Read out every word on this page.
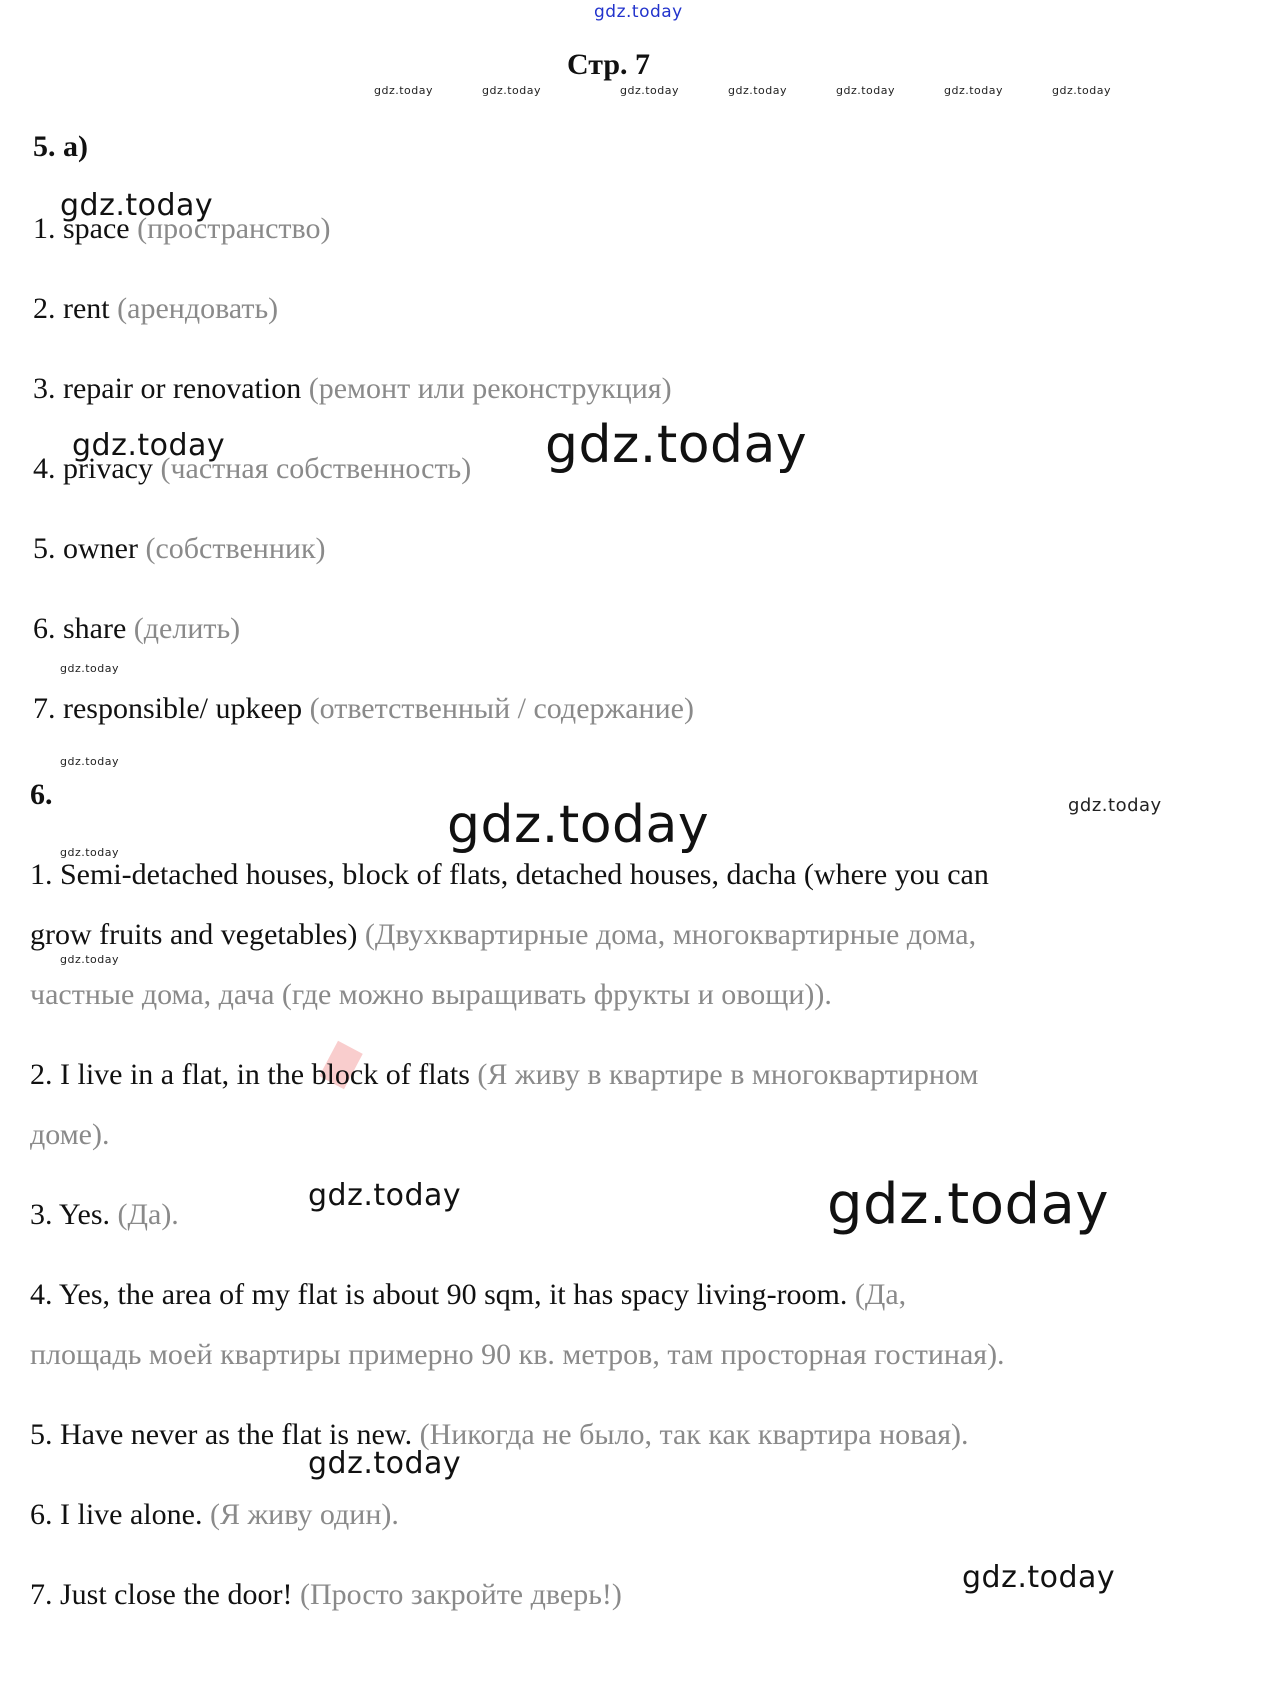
gdz.today
gdz.today	gdz.today	gdz.today	gdz.today	gdz.today	gdz.today	gdz.today
gdz.today
gdz.today	gdz.today
gdz.today
gdz.today
gdz.today
gdz.today
gdz.today
gdz.today
gdz.today	gdz.today
gdz.today
gdz.today
Стр. 7
5. а)
1. space (пространство)
2. rent (арендовать)
3. repair or renovation (ремонт или реконструкция)
4. privacy (частная собственность)
5. owner (собственник)
6. share (делить)
7. responsible/ upkeep (ответственный / содержание)
6.
1. Semi-detached houses, block of flats, detached houses, dacha (where you can
grow fruits and vegetables) (Двухквартирные дома, многоквартирные дома,
частные дома, дача (где можно выращивать фрукты и овощи)).
2. I live in a flat, in the block of flats (Я живу в квартире в многоквартирном
доме).
3. Yes. (Да).
4. Yes, the area of my flat is about 90 sqm, it has spacy living-room. (Да,
площадь моей квартиры примерно 90 кв. метров, там просторная гостиная).
5. Have never as the flat is new. (Никогда не было, так как квартира новая).
6. I live alone. (Я живу один).
7. Just close the door! (Просто закройте дверь!)
